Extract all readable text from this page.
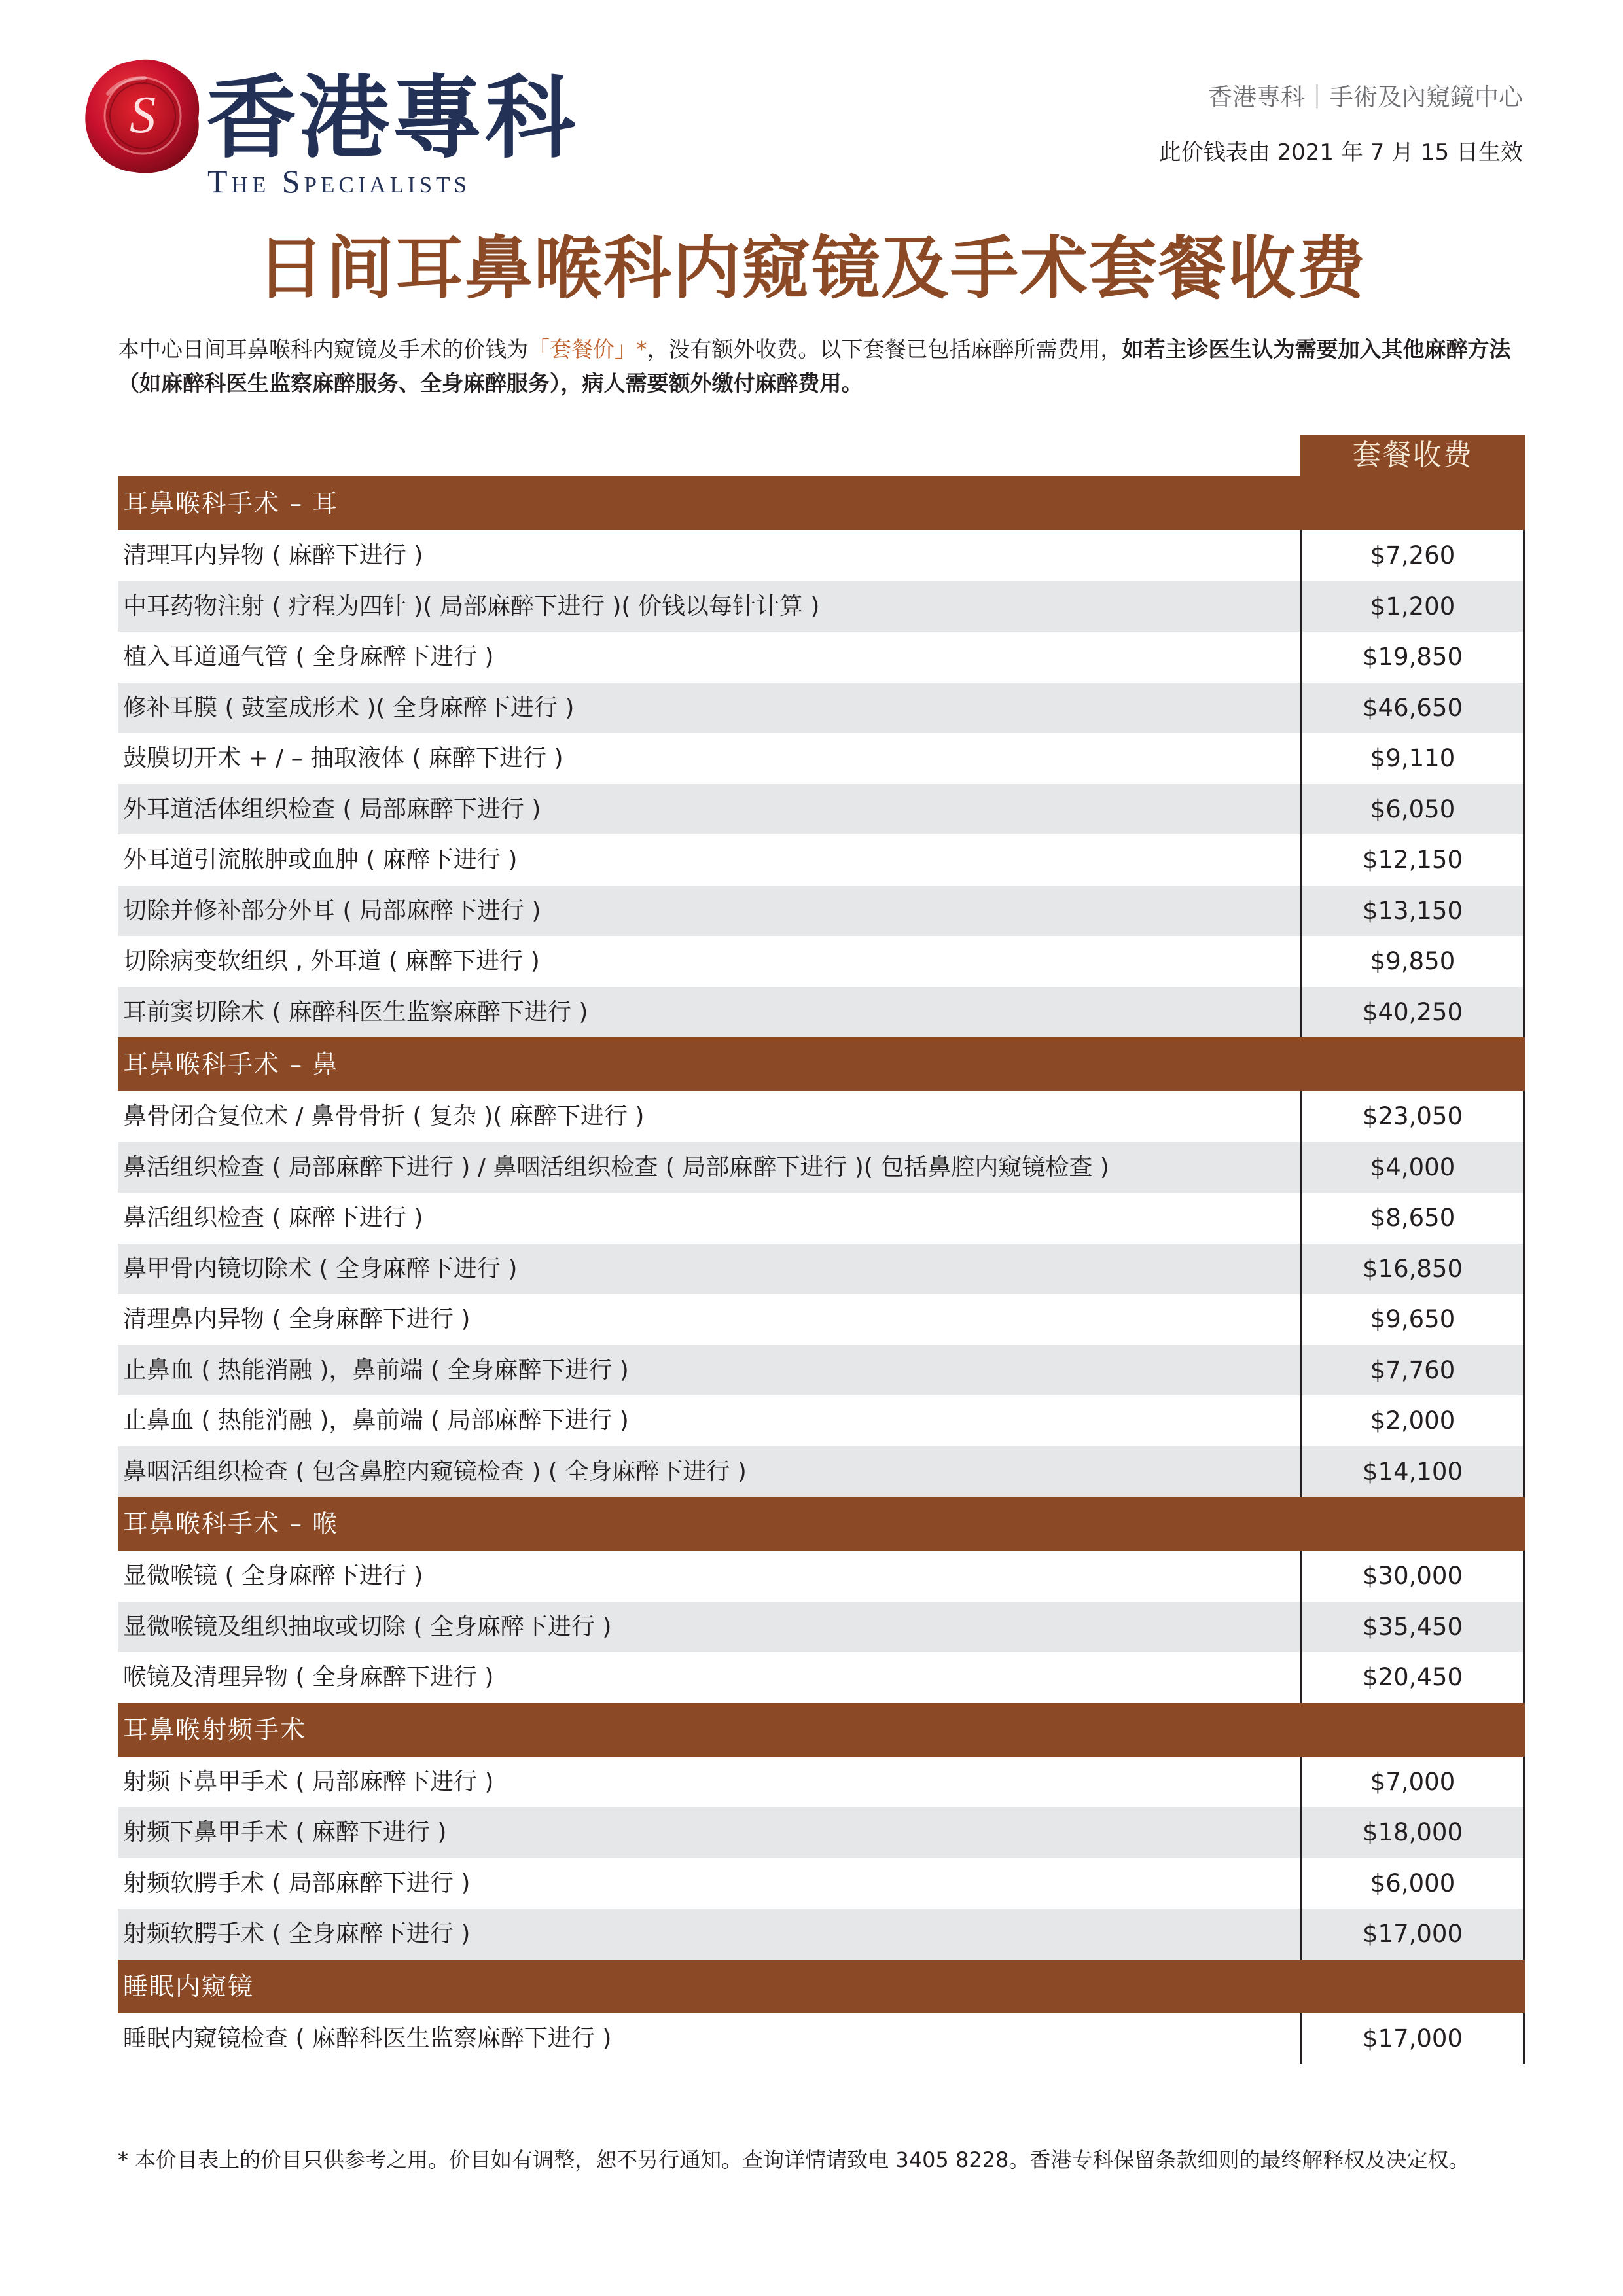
S 香港專科
The Specialists
香港專科｜手術及內窺鏡中心
此价钱表由 2021 年 7 月 15 日生效
日间耳鼻喉科内窥镜及手术套餐收费
本中心日间耳鼻喉科内窥镜及手术的价钱为「套餐价」*，没有额外收费。以下套餐已包括麻醉所需费用，如若主诊医生认为需要加入其他麻醉方法（如麻醉科医生监察麻醉服务、全身麻醉服务），病人需要额外缴付麻醉费用。
套餐收费
耳鼻喉科手术 – 耳
清理耳内异物 ( 麻醉下进行 )	$7,260
中耳药物注射 ( 疗程为四针 )( 局部麻醉下进行 )( 价钱以每针计算 )	$1,200
植入耳道通气管 ( 全身麻醉下进行 )	$19,850
修补耳膜 ( 鼓室成形术 )( 全身麻醉下进行 )	$46,650
鼓膜切开术 + / – 抽取液体 ( 麻醉下进行 )	$9,110
外耳道活体组织检查 ( 局部麻醉下进行 )	$6,050
外耳道引流脓肿或血肿 ( 麻醉下进行 )	$12,150
切除并修补部分外耳 ( 局部麻醉下进行 )	$13,150
切除病变软组织 , 外耳道 ( 麻醉下进行 )	$9,850
耳前窦切除术 ( 麻醉科医生监察麻醉下进行 )	$40,250
耳鼻喉科手术 – 鼻
鼻骨闭合复位术 / 鼻骨骨折 ( 复杂 )( 麻醉下进行 )	$23,050
鼻活组织检查 ( 局部麻醉下进行 ) / 鼻咽活组织检查 ( 局部麻醉下进行 )( 包括鼻腔内窥镜检查 )	$4,000
鼻活组织检查 ( 麻醉下进行 )	$8,650
鼻甲骨内镜切除术 ( 全身麻醉下进行 )	$16,850
清理鼻内异物 ( 全身麻醉下进行 )	$9,650
止鼻血 ( 热能消融 )，鼻前端 ( 全身麻醉下进行 )	$7,760
止鼻血 ( 热能消融 )，鼻前端 ( 局部麻醉下进行 )	$2,000
鼻咽活组织检查 ( 包含鼻腔内窥镜检查 ) ( 全身麻醉下进行 )	$14,100
耳鼻喉科手术 – 喉
显微喉镜 ( 全身麻醉下进行 )	$30,000
显微喉镜及组织抽取或切除 ( 全身麻醉下进行 )	$35,450
喉镜及清理异物 ( 全身麻醉下进行 )	$20,450
耳鼻喉射频手术
射频下鼻甲手术 ( 局部麻醉下进行 )	$7,000
射频下鼻甲手术 ( 麻醉下进行 )	$18,000
射频软腭手术 ( 局部麻醉下进行 )	$6,000
射频软腭手术 ( 全身麻醉下进行 )	$17,000
睡眠内窥镜
睡眠内窥镜检查 ( 麻醉科医生监察麻醉下进行 )	$17,000
* 本价目表上的价目只供参考之用。价目如有调整，恕不另行通知。查询详情请致电 3405 8228。香港专科保留条款细则的最终解释权及决定权。
